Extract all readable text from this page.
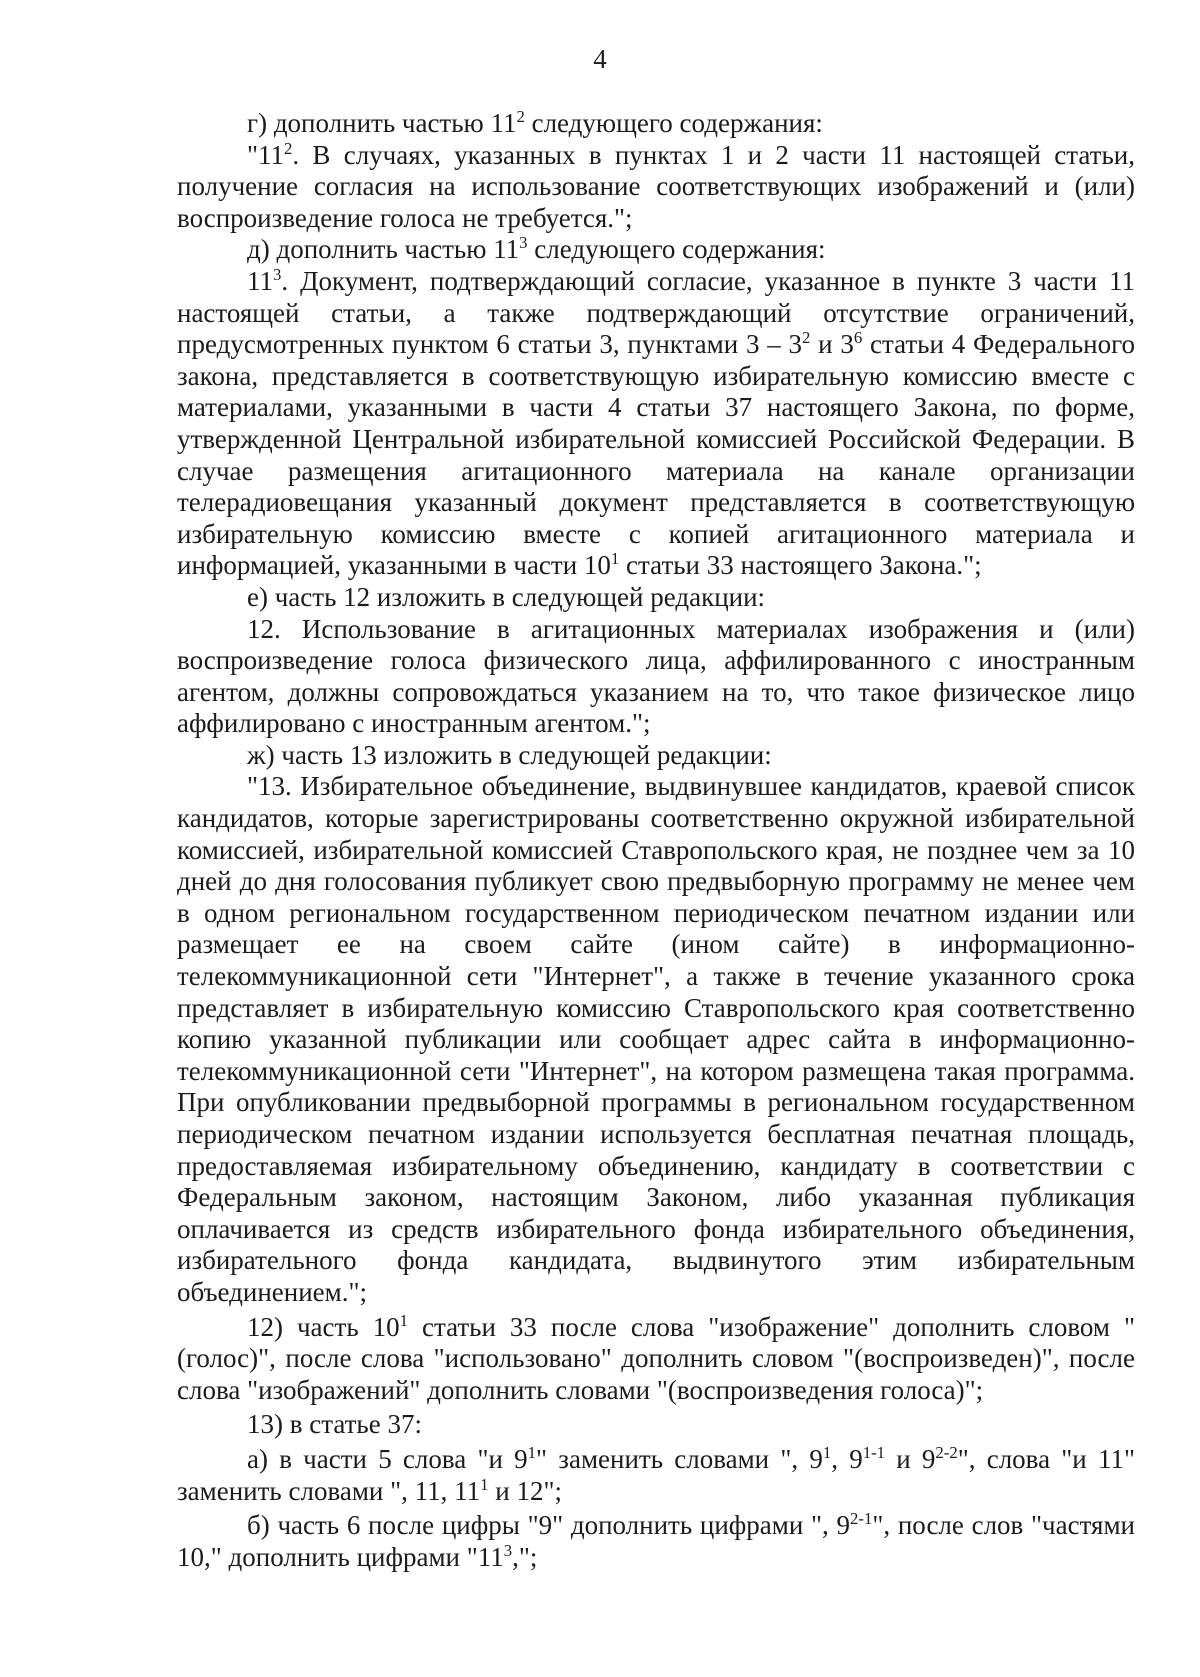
4

г) дополнить частью $11^2$ следующего содержания:

"$11^2$. В случаях, указанных в пунктах 1 и 2 части 11 настоящей статьи, получение согласия на использование соответствующих изображений и (или) воспроизведение голоса не требуется.";

д) дополнить частью $11^3$ следующего содержания:

$11^3$. Документ, подтверждающий согласие, указанное в пункте 3 части 11 настоящей статьи, а также подтверждающий отсутствие ограничений, предусмотренных пунктом 6 статьи 3, пунктами $3 - 3^2$ и $3^6$ статьи 4 Федерального закона, представляется в соответствующую избирательную комиссию вместе с материалами, указанными в части 4 статьи 37 настоящего Закона, по форме, утвержденной Центральной избирательной комиссией Российской Федерации. В случае размещения агитационного материала на канале организации телерадиовещания указанный документ представляется в соответствующую избирательную комиссию вместе с копией агитационного материала и информацией, указанными в части $10^1$ статьи 33 настоящего Закона.";

е) часть 12 изложить в следующей редакции:

12. Использование в агитационных материалах изображения и (или) воспроизведение голоса физического лица, аффилированного с иностранным агентом, должны сопровождаться указанием на то, что такое физическое лицо аффилировано с иностранным агентом.";

ж) часть 13 изложить в следующей редакции:

"13. Избирательное объединение, выдвинувшее кандидатов, краевой список кандидатов, которые зарегистрированы соответственно окружной избирательной комиссией, избирательной комиссией Ставропольского края, не позднее чем за 10 дней до дня голосования публикует свою предвыборную программу не менее чем в одном региональном государственном периодическом печатном издании или размещает ее на своем сайте (ином сайте) в информационно-телекоммуникационной сети "Интернет", а также в течение указанного срока представляет в избирательную комиссию Ставропольского края соответственно копию указанной публикации или сообщает адрес сайта в информационно-телекоммуникационной сети "Интернет", на котором размещена такая программа. При опубликовании предвыборной программы в региональном государственном периодическом печатном издании используется бесплатная печатная площадь, предоставляемая избирательному объединению, кандидату в соответствии с Федеральным законом, настоящим Законом, либо указанная публикация оплачивается из средств избирательного фонда избирательного объединения, избирательного фонда кандидата, выдвинутого этим избирательным объединением.";

12) часть $10^1$ статьи 33 после слова "изображение" дополнить словом "(голос)", после слова "использовано" дополнить словом "(воспроизведен)", после слова "изображений" дополнить словами "(воспроизведения голоса)";

13) в статье 37:

а) в части 5 слова "и $9^1$" заменить словами ", $9^1$, 9$^{1-1}$ и 9$^{2-2}$", слова "и 11" заменить словами ", 11, $11^1$ и 12";

б) часть 6 после цифры "9" дополнить цифрами ", 9$^{2-1}$", после слов "частями 10," дополнить цифрами "$11^3$,";
